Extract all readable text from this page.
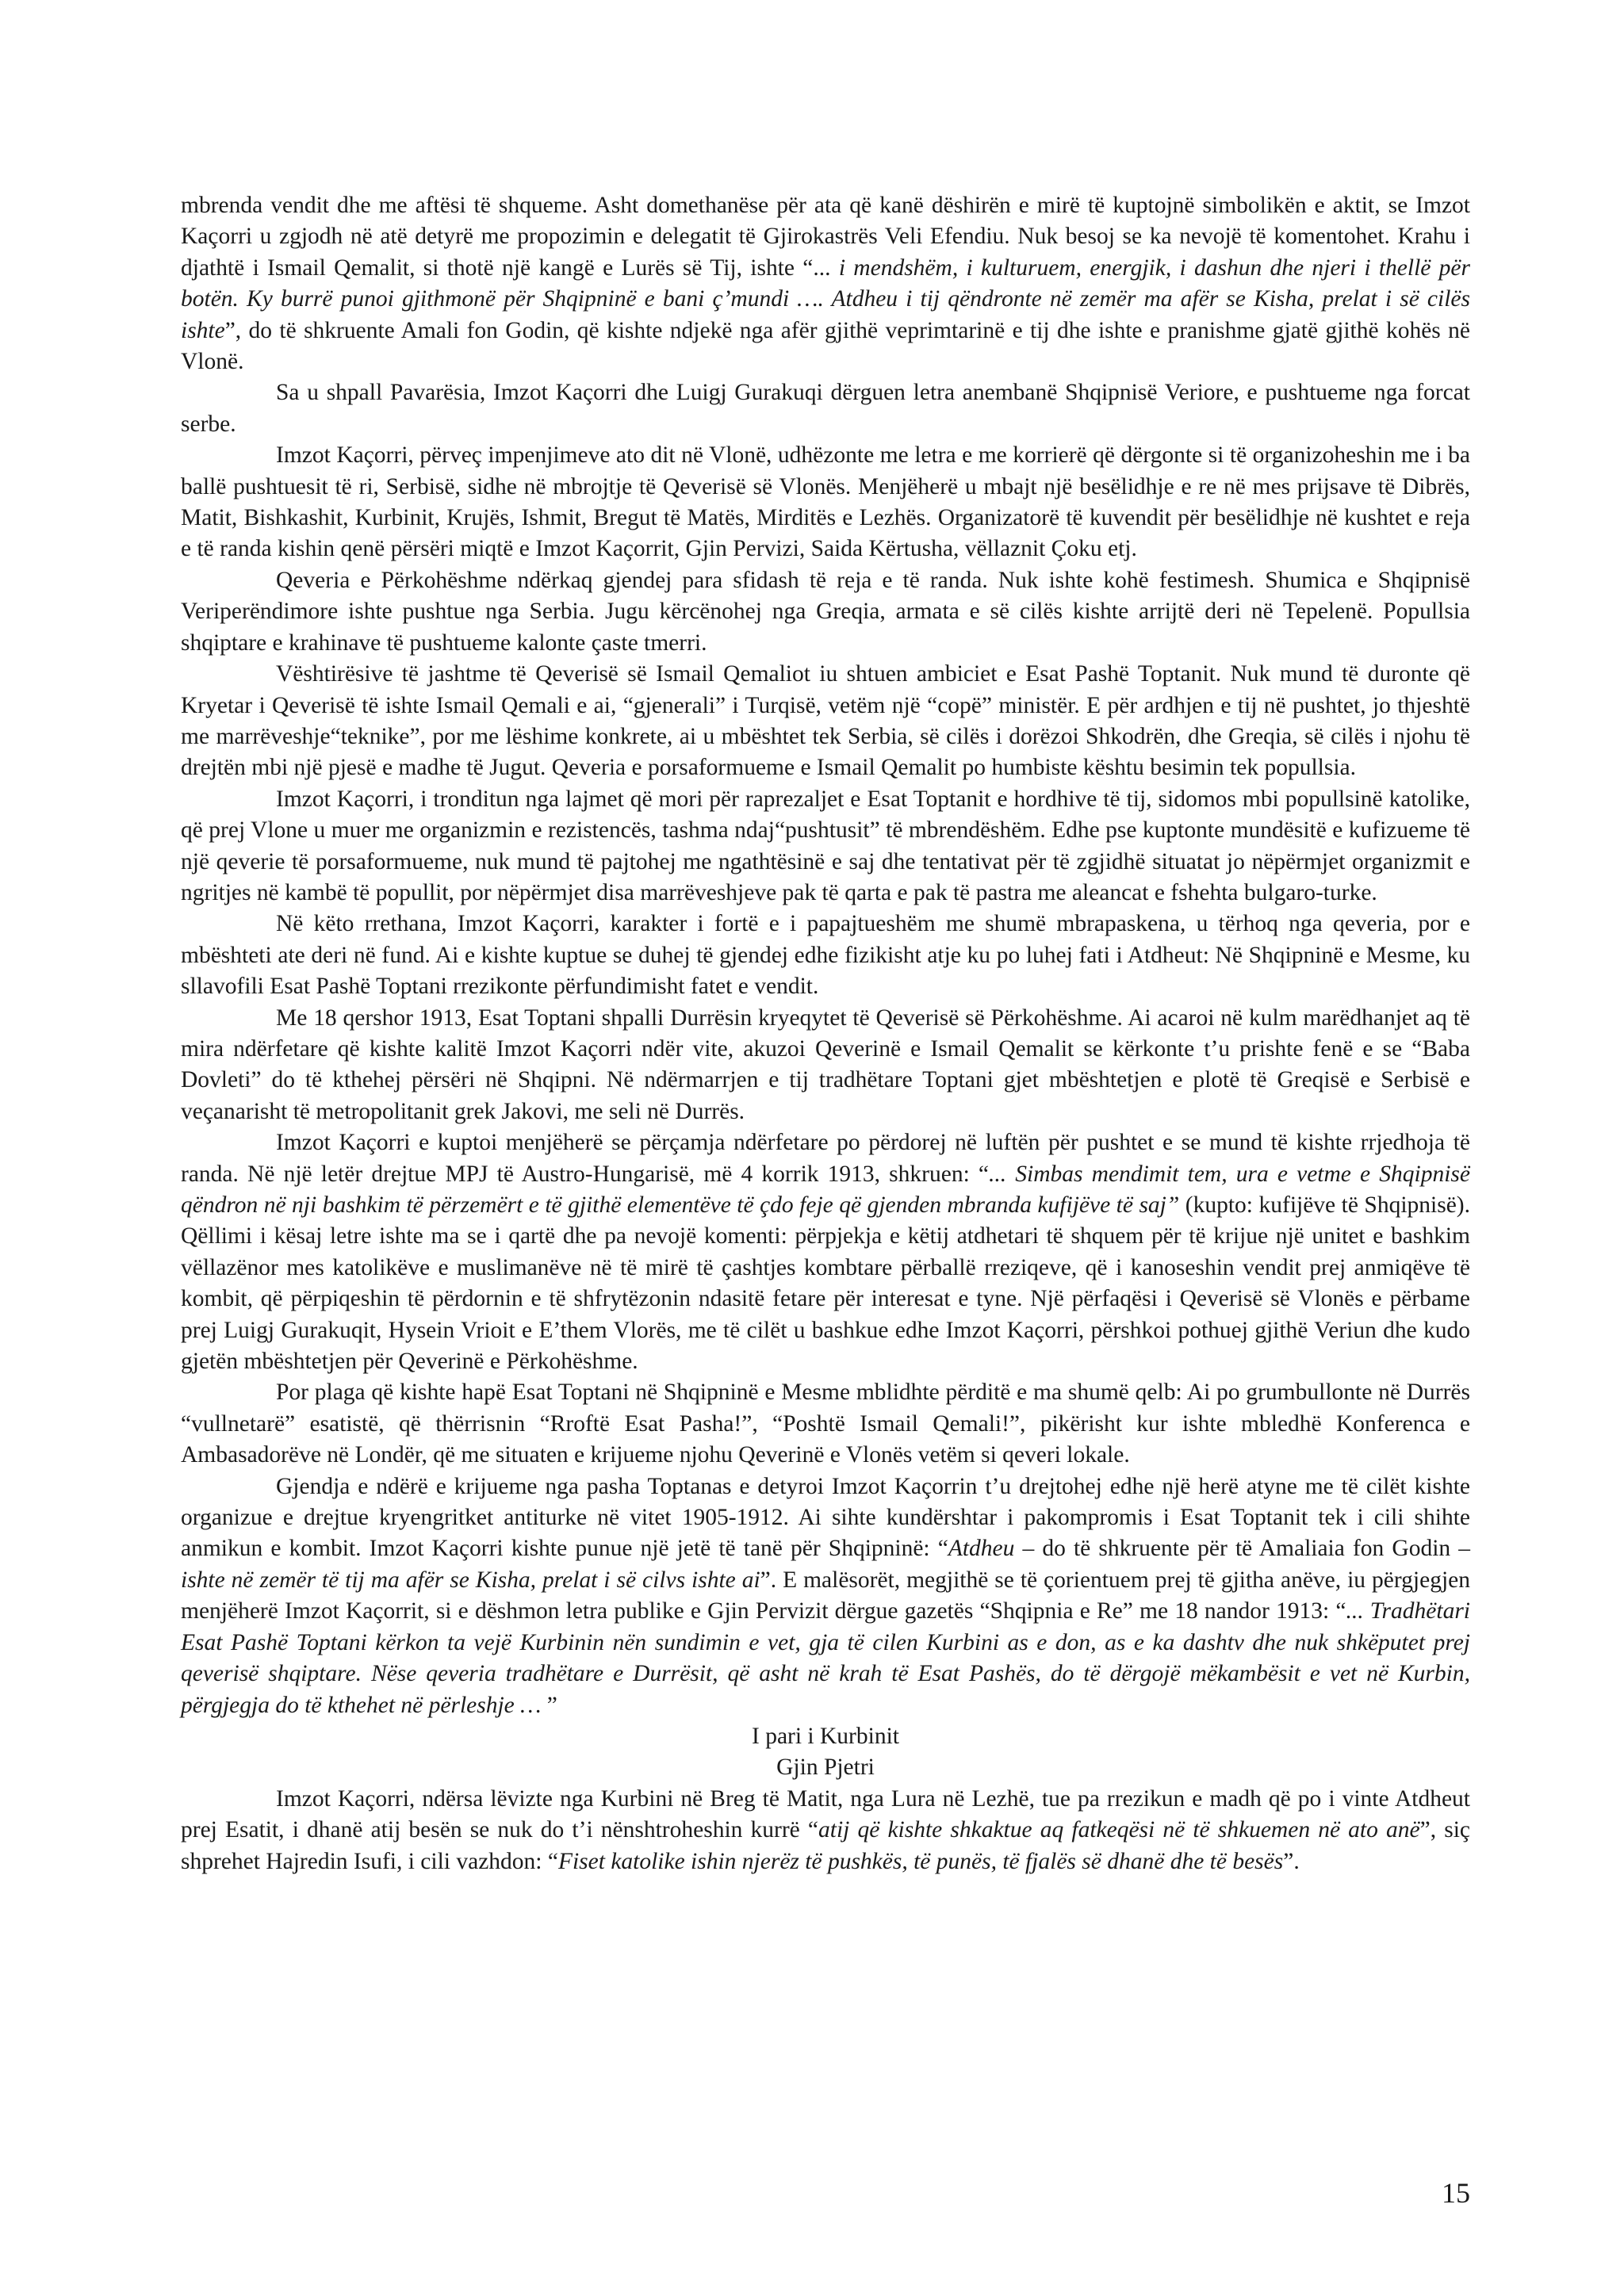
mbrenda vendit dhe me aftësi të shqueme. Asht domethanëse për ata që kanë dëshirën e mirë të kuptojnë simbolikën e aktit, se Imzot Kaçorri u zgjodh në atë detyrë me propozimin e delegatit të Gjirokastrës Veli Efendiu. Nuk besoj se ka nevojë të komentohet. Krahu i djathtë i Ismail Qemalit, si thotë një kangë e Lurës së Tij, ishte “... i mendshëm, i kulturuem, energjik, i dashun dhe njeri i thellë për botën. Ky burrë punoi gjithmonë për Shqipninë e bani ç’mundi …. Atdheu i tij qëndronte në zemër ma afër se Kisha, prelat i së cilës ishte”, do të shkruente Amali fon Godin, që kishte ndjekë nga afër gjithë veprimtarinë e tij dhe ishte e pranishme gjatë gjithë kohës në Vlonë.

Sa u shpall Pavarësia, Imzot Kaçorri dhe Luigj Gurakuqi dërguen letra anembanë Shqipnisë Veriore, e pushtueme nga forcat serbe.

Imzot Kaçorri, përveç impenjimeve ato dit në Vlonë, udhëzonte me letra e me korrierë që dërgonte si të organizoheshin me i ba ballë pushtuesit të ri, Serbisë, sidhe në mbrojtje të Qeverisë së Vlonës. Menjëherë u mbajt një besëlidhje e re në mes prijsave të Dibrës, Matit, Bishkashit, Kurbinit, Krujës, Ishmit, Bregut të Matës, Mirditës e Lezhës. Organizatorë të kuvendit për besëlidhje në kushtet e reja e të randa kishin qenë përsëri miqtë e Imzot Kaçorrit, Gjin Pervizi, Saida Kërtusha, vëllaznit Çoku etj.

Qeveria e Përkohëshme ndërkaq gjendej para sfidash të reja e të randa. Nuk ishte kohë festimesh. Shumica e Shqipnisë Veriperëndimore ishte pushtue nga Serbia. Jugu kërcënohej nga Greqia, armata e së cilës kishte arrijtë deri në Tepelenë. Popullsia shqiptare e krahinave të pushtueme kalonte çaste tmerri.

Vështirësive të jashtme të Qeverisë së Ismail Qemaliot iu shtuen ambiciet e Esat Pashë Toptanit. Nuk mund të duronte që Kryetar i Qeverisë të ishte Ismail Qemali e ai, “gjenerali” i Turqisë, vetëm një “copë” ministër. E për ardhjen e tij në pushtet, jo thjeshtë me marrëveshje“teknike”, por me lëshime konkrete, ai u mbështet tek Serbia, së cilës i dorëzoi Shkodrën, dhe Greqia, së cilës i njohu të drejtën mbi një pjesë e madhe të Jugut. Qeveria e porsaformueme e Ismail Qemalit po humbiste kështu besimin tek popullsia.

Imzot Kaçorri, i tronditun nga lajmet që mori për raprezaljet e Esat Toptanit e hordhive të tij, sidomos mbi popullsinë katolike, që prej Vlone u muer me organizmin e rezistencës, tashma ndaj“pushtusit” të mbrendëshëm. Edhe pse kuptonte mundësitë e kufizueme të një qeverie të porsaformueme, nuk mund të pajtohej me ngathtësinë e saj dhe tentativat për të zgjidhë situatat jo nëpërmjet organizmit e ngritjes në kambë të popullit, por nëpërmjet disa marrëveshjeve pak të qarta e pak të pastra me aleancat e fshehta bulgaro-turke.

Në këto rrethana, Imzot Kaçorri, karakter i fortë e i papajtueshëm me shumë mbrapaskena, u tërhoq nga qeveria, por e mbështeti ate deri në fund. Ai e kishte kuptue se duhej të gjendej edhe fizikisht atje ku po luhej fati i Atdheut: Në Shqipninë e Mesme, ku sllavofili Esat Pashë Toptani rrezikonte përfundimisht fatet e vendit.

Me 18 qershor 1913, Esat Toptani shpalli Durrësin kryeqytet të Qeverisë së Përkohëshme. Ai acaroi në kulm marëdhanjet aq të mira ndërfetare që kishte kalitë Imzot Kaçorri ndër vite, akuzoi Qeverinë e Ismail Qemalit se kërkonte t’u prishte fenë e se “Baba Dovleti” do të kthehej përsëri në Shqipni. Në ndërmarrjen e tij tradhëtare Toptani gjet mbështetjen e plotë të Greqisë e Serbisë e veçanarisht të metropolitanit grek Jakovi, me seli në Durrës.

Imzot Kaçorri e kuptoi menjëherë se përçamja ndërfetare po përdorej në luftën për pushtet e se mund të kishte rrjedhoja të randa. Në një letër drejtue MPJ të Austro-Hungarisë, më 4 korrik 1913, shkruen: “... Simbas mendimit tem, ura e vetme e Shqipnisë qëndron në nji bashkim të përzemërt e të gjithë elementëve të çdo feje që gjenden mbranda kufijëve të saj” (kupto: kufijëve të Shqipnisë). Qëllimi i kësaj letre ishte ma se i qartë dhe pa nevojë komenti: përpjekja e këtij atdhetari të shquem për të krijue një unitet e bashkim vëllazënor mes katolikëve e muslimanëve në të mirë të çashtjes kombtare përballë rreziqeve, që i kanoseshin vendit prej anmiqëve të kombit, që përpiqeshin të përdornin e të shfrytëzonin ndasitë fetare për interesat e tyne. Një përfaqësi i Qeverisë së Vlonës e përbame prej Luigj Gurakuqit, Hysein Vrioit e E’them Vlorës, me të cilët u bashkue edhe Imzot Kaçorri, përshkoi pothuej gjithë Veriun dhe kudo gjetën mbështetjen për Qeverinë e Përkohëshme.

Por plaga që kishte hapë Esat Toptani në Shqipninë e Mesme mblidhte përditë e ma shumë qelb: Ai po grumbullonte në Durrës “vullnetarë” esatistë, që thërrisnin “Rroftë Esat Pasha!”, “Poshtë Ismail Qemali!”, pikërisht kur ishte mbledhë Konferenca e Ambasadorëve në Londër, që me situaten e krijueme njohu Qeverinë e Vlonës vetëm si qeveri lokale.

Gjendja e ndërë e krijueme nga pasha Toptanas e detyroi Imzot Kaçorrin t’u drejtohej edhe një herë atyne me të cilët kishte organizue e drejtue kryengritket antiturke në vitet 1905-1912. Ai sihte kundërshtar i pakompromis i Esat Toptanit tek i cili shihte anmikun e kombit. Imzot Kaçorri kishte punue një jetë të tanë për Shqipninë: “Atdheu – do të shkruente për të Amaliaia fon Godin – ishte në zemër të tij ma afër se Kisha, prelat i së cilvs ishte ai”. E malësorët, megjithë se të çorientuem prej të gjitha anëve, iu përgjegjen menjëherë Imzot Kaçorrit, si e dëshmon letra publike e Gjin Pervizit dërgue gazetës “Shqipnia e Re” me 18 nandor 1913: “... Tradhëtari Esat Pashë Toptani kërkon ta vejë Kurbinin nën sundimin e vet, gja të cilen Kurbini as e don, as e ka dashtv dhe nuk shkëputet prej qeverisë shqiptare. Nëse qeveria tradhëtare e Durrësit, që asht në krah të Esat Pashës, do të dërgojë mëkambësit e vet në Kurbin, përgjegja do të kthehet në përleshje … ”

I pari i Kurbinit

Gjin Pjetri

Imzot Kaçorri, ndërsa lëvizte nga Kurbini në Breg të Matit, nga Lura në Lezhë, tue pa rrezikun e madh që po i vinte Atdheut prej Esatit, i dhanë atij besën se nuk do t’i nënshtroheshin kurrë “atij që kishte shkaktue aq fatkeqësi në të shkuemen në ato anë”, siç shprehet Hajredin Isufi, i cili vazhdon: “Fiset katolike ishin njerëz të pushkës, të punës, të fjalës së dhanë dhe të besës”.

15
